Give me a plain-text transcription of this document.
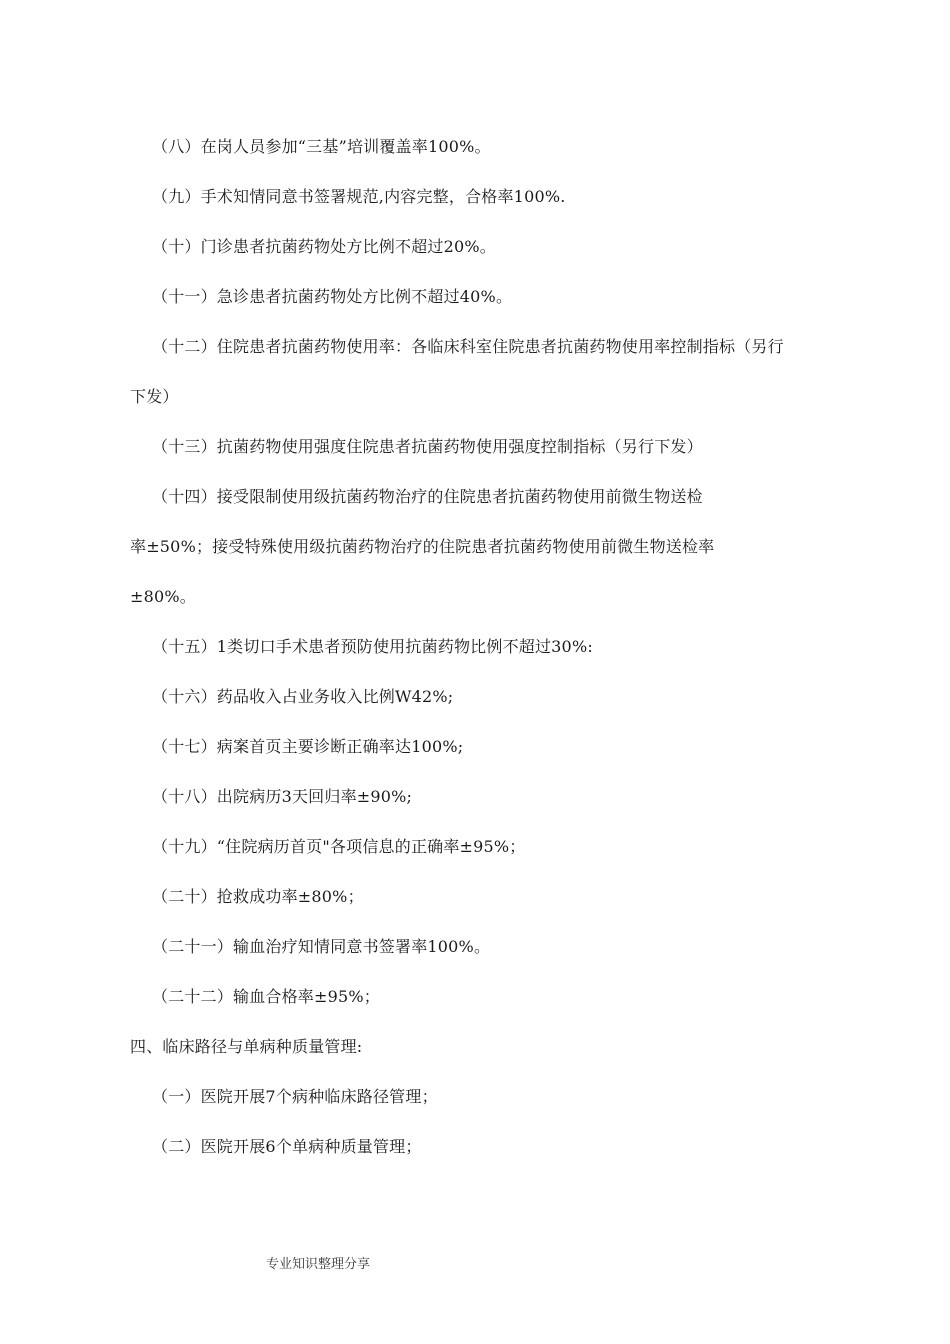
（八）在岗人员参加“三基”培训覆盖率100%。
（九）手术知情同意书签署规范,内容完整，合格率100%.
（十）门诊患者抗菌药物处方比例不超过20%。
（十一）急诊患者抗菌药物处方比例不超过40%。
（十二）住院患者抗菌药物使用率：各临床科室住院患者抗菌药物使用率控制指标（另行
下发）
（十三）抗菌药物使用强度住院患者抗菌药物使用强度控制指标（另行下发）
（十四）接受限制使用级抗菌药物治疗的住院患者抗菌药物使用前微生物送检
率±50%；接受特殊使用级抗菌药物治疗的住院患者抗菌药物使用前微生物送检率
±80%。
（十五）1类切口手术患者预防使用抗菌药物比例不超过30%:
（十六）药品收入占业务收入比例W42%;
（十七）病案首页主要诊断正确率达100%;
（十八）出院病历3天回归率±90%;
（十九）“住院病历首页"各项信息的正确率±95%；
（二十）抢救成功率±80%；
（二十一）输血治疗知情同意书签署率100%。
（二十二）输血合格率±95%；
四、临床路径与单病种质量管理:
（一）医院开展7个病种临床路径管理；
（二）医院开展6个单病种质量管理；
专业知识整理分享
